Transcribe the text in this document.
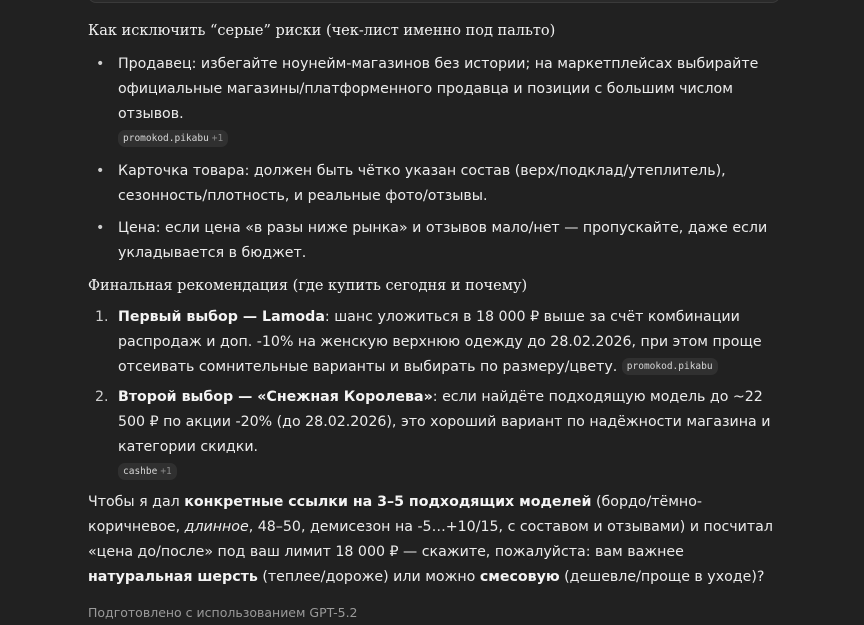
Как исключить “серые” риски (чек-лист именно под пальто)
• Продавец: избегайте ноунейм-магазинов без истории; на маркетплейсах выбирайте официальные магазины/платформенного продавца и позиции с большим числом отзывов.
promokod.pikabu +1
• Карточка товара: должен быть чётко указан состав (верх/подклад/утеплитель), сезонность/плотность, и реальные фото/отзывы.
• Цена: если цена «в разы ниже рынка» и отзывов мало/нет — пропускайте, даже если укладывается в бюджет.
Финальная рекомендация (где купить сегодня и почему)
1. Первый выбор — Lamoda: шанс уложиться в 18 000 ₽ выше за счёт комбинации распродаж и доп. -10% на женскую верхнюю одежду до 28.02.2026, при этом проще отсеивать сомнительные варианты и выбирать по размеру/цвету. promokod.pikabu
2. Второй выбор — «Снежная Королева»: если найдёте подходящую модель до ~22 500 ₽ по акции -20% (до 28.02.2026), это хороший вариант по надёжности магазина и категории скидки.
cashbe +1

Чтобы я дал конкретные ссылки на 3–5 подходящих моделей (бордо/тёмно-коричневое, длинное, 48–50, демисезон на -5…+10/15, с составом и отзывами) и посчитал «цена до/после» под ваш лимит 18 000 ₽ — скажите, пожалуйста: вам важнее натуральная шерсть (теплее/дороже) или можно смесовую (дешевле/проще в уходе)?

Подготовлено с использованием GPT-5.2
